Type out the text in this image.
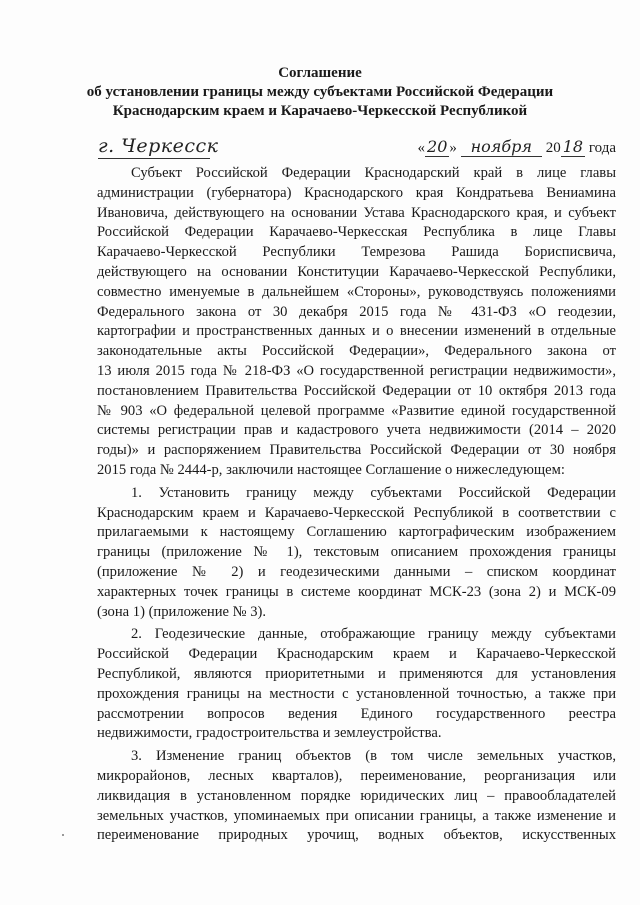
Соглашение
об установлении границы между субъектами Российской Федерации
Краснодарским краем и Карачаево-Черкесской Республикой
г. Черкесск	« 20 » ноября 20 18 года
Субъект Российской Федерации Краснодарский край в лице главы
администрации (губернатора) Краснодарского края Кондратьева Вениамина
Ивановича, действующего на основании Устава Краснодарского края, и субъект
Российской Федерации Карачаево-Черкесская Республика в лице Главы
Карачаево-Черкесской Республики Темрезова Рашида Борисписвича,
действующего на основании Конституции Карачаево-Черкесской Республики,
совместно именуемые в дальнейшем «Стороны», руководствуясь положениями
Федерального закона от 30 декабря 2015 года № 431-ФЗ «О геодезии,
картографии и пространственных данных и о внесении изменений в отдельные
законодательные акты Российской Федерации», Федерального закона от
13 июля 2015 года № 218-ФЗ «О государственной регистрации недвижимости»,
постановлением Правительства Российской Федерации от 10 октября 2013 года
№ 903 «О федеральной целевой программе «Развитие единой государственной
системы регистрации прав и кадастрового учета недвижимости (2014 – 2020
годы)» и распоряжением Правительства Российской Федерации от 30 ноября
2015 года № 2444-р, заключили настоящее Соглашение о нижеследующем:
1. Установить границу между субъектами Российской Федерации
Краснодарским краем и Карачаево-Черкесской Республикой в соответствии с
прилагаемыми к настоящему Соглашению картографическим изображением
границы (приложение № 1), текстовым описанием прохождения границы
(приложение № 2) и геодезическими данными – списком координат
характерных точек границы в системе координат МСК-23 (зона 2) и МСК-09
(зона 1) (приложение № 3).
2. Геодезические данные, отображающие границу между субъектами
Российской Федерации Краснодарским краем и Карачаево-Черкесской
Республикой, являются приоритетными и применяются для установления
прохождения границы на местности с установленной точностью, а также при
рассмотрении вопросов ведения Единого государственного реестра
недвижимости, градостроительства и землеустройства.
3. Изменение границ объектов (в том числе земельных участков,
микрорайонов, лесных кварталов), переименование, реорганизация или
ликвидация в установленном порядке юридических лиц – правообладателей
земельных участков, упоминаемых при описании границы, а также изменение и
переименование природных урочищ, водных объектов, искусственных
